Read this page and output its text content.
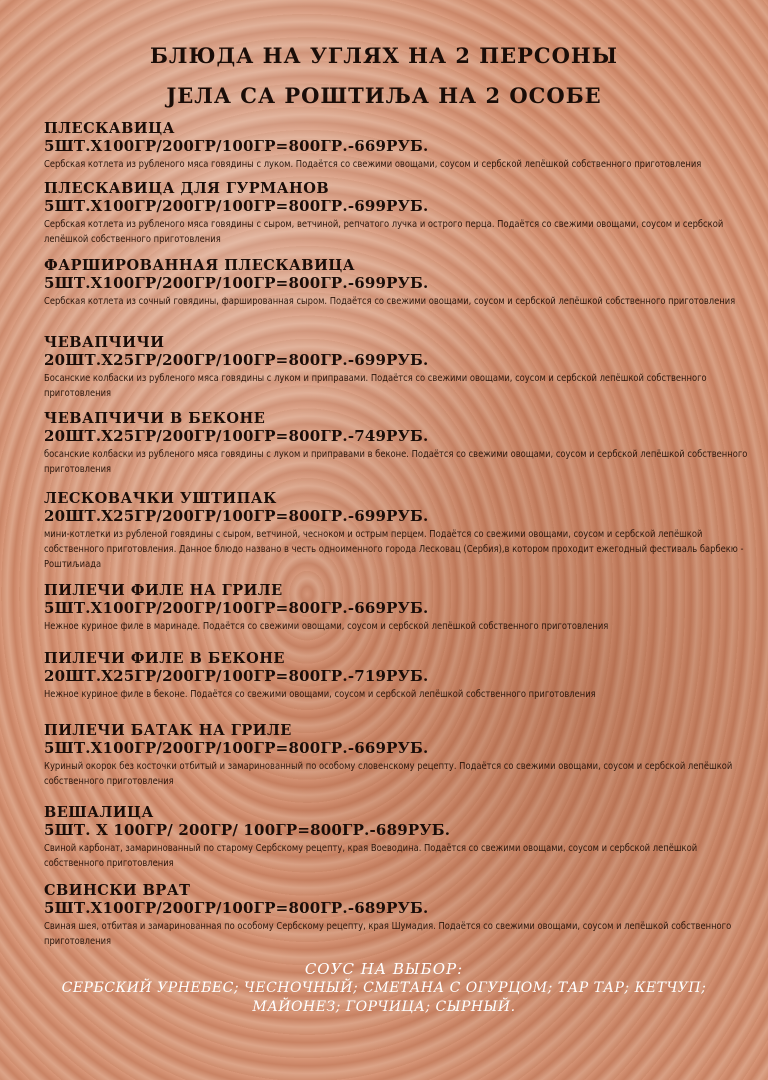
БЛЮДА НА УГЛЯХ НА 2 ПЕРСОНЫ
ЈЕЛА СА РОШТИЉА НА 2 ОСОБЕ
ПЛЕСКАВИЦА
5ШТ.Х100ГР/200ГР/100ГР=800ГР.-669РУБ.
Сербская котлета из рубленого мяса говядины с луком. Подаётся со свежими овощами, соусом и сербской лепёшкой собственного приготовления
ПЛЕСКАВИЦА ДЛЯ ГУРМАНОВ
5ШТ.Х100ГР/200ГР/100ГР=800ГР.-699РУБ.
Сербская котлета из рубленого мяса говядины с сыром, ветчиной, репчатого лучка и острого перца. Подаётся со свежими овощами, соусом и сербской лепёшкой собственного приготовления
ФАРШИРОВАННАЯ ПЛЕСКАВИЦА
5ШТ.Х100ГР/200ГР/100ГР=800ГР.-699РУБ.
Сербская котлета из сочный говядины, фаршированная сыром. Подаётся со свежими овощами, соусом и сербской лепёшкой собственного приготовления
ЧЕВАПЧИЧИ
20ШТ.Х25ГР/200ГР/100ГР=800ГР.-699РУБ.
Босанские колбаски из рубленого мяса говядины с луком и приправами. Подаётся со свежими овощами, соусом и сербской лепёшкой собственного приготовления
ЧЕВАПЧИЧИ В БЕКОНЕ
20ШТ.Х25ГР/200ГР/100ГР=800ГР.-749РУБ.
босанские колбаски из рубленого мяса говядины с луком и приправами в беконе. Подаётся со свежими овощами, соусом и сербской лепёшкой собственного приготовления
ЛЕСКОВАЧКИ УШТИПАК
20ШТ.Х25ГР/200ГР/100ГР=800ГР.-699РУБ.
мини-котлетки из рубленой говядины с сыром, ветчиной, чесноком и острым перцем. Подаётся со свежими овощами, соусом и сербской лепёшкой собственного приготовления. Данное блюдо названо в честь одноименного города Лесковац (Сербия),в котором проходит ежегодный фестиваль барбекю - Роштиљиада
ПИЛЕЧИ ФИЛЕ НА ГРИЛЕ
5ШТ.Х100ГР/200ГР/100ГР=800ГР.-669РУБ.
Нежное куриное филе в маринаде. Подаётся со свежими овощами, соусом и сербской лепёшкой собственного приготовления
ПИЛЕЧИ ФИЛЕ В БЕКОНЕ
20ШТ.Х25ГР/200ГР/100ГР=800ГР.-719РУБ.
Нежное куриное филе в беконе. Подаётся со свежими овощами, соусом и сербской лепёшкой собственного приготовления
ПИЛЕЧИ БАТАК НА ГРИЛЕ
5ШТ.Х100ГР/200ГР/100ГР=800ГР.-669РУБ.
Куриный окорок без косточки отбитый и замаринованный по особому словенскому рецепту. Подаётся со свежими овощами, соусом и сербской лепёшкой собственного приготовления
ВЕШАЛИЦА
5ШТ. Х 100ГР/ 200ГР/ 100ГР=800ГР.-689РУБ.
Свиной карбонат, замаринованный по старому Сербскому рецепту, края Воеводина. Подаётся со свежими овощами, соусом и сербской лепёшкой собственного приготовления
СВИНСКИ ВРАТ
5ШТ.Х100ГР/200ГР/100ГР=800ГР.-689РУБ.
Свиная шея, отбитая и замаринованная по особому Сербскому рецепту, края Шумадия. Подаётся со свежими овощами, соусом и лепёшкой собственного приготовления
СОУС НА ВЫБОР:
СЕРБСКИЙ УРНЕБЕС; ЧЕСНОЧНЫЙ; СМЕТАНА С ОГУРЦОМ; ТАР ТАР; КЕТЧУП;
МАЙОНЕЗ; ГОРЧИЦА; СЫРНЫЙ.
